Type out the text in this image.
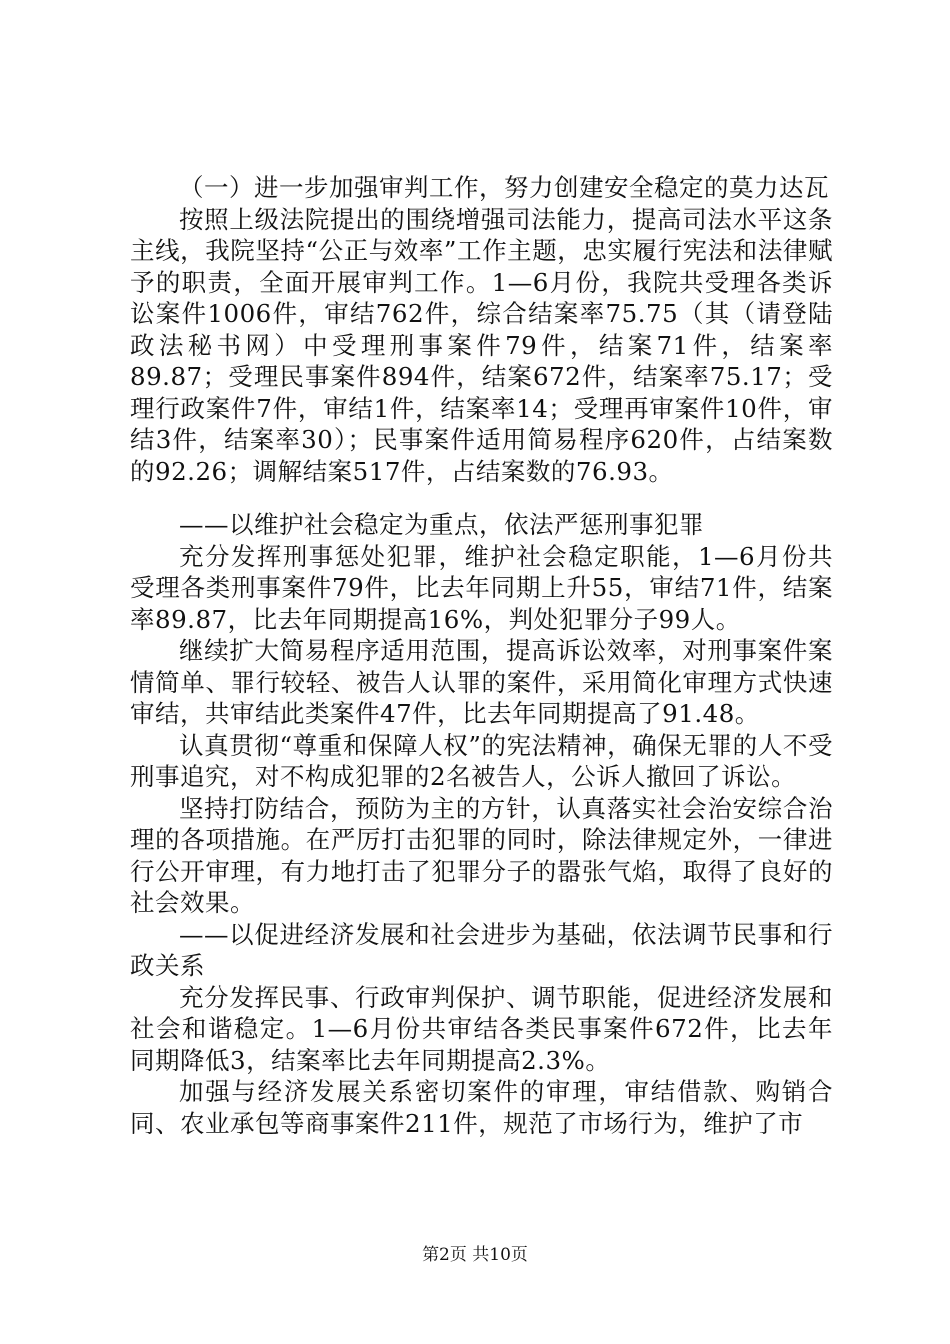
（一）进一步加强审判工作，努力创建安全稳定的莫力达瓦

按照上级法院提出的围绕增强司法能力，提高司法水平这条主线，我院坚持“公正与效率”工作主题，忠实履行宪法和法律赋予的职责，全面开展审判工作。1—6月份，我院共受理各类诉讼案件1006件，审结762件，综合结案率75.75（其（请登陆政法秘书网）中受理刑事案件79件，结案71件，结案率89.87；受理民事案件894件，结案672件，结案率75.17；受理行政案件7件，审结1件，结案率14；受理再审案件10件，审结3件，结案率30）；民事案件适用简易程序620件，占结案数的92.26；调解结案517件，占结案数的76.93。

——以维护社会稳定为重点，依法严惩刑事犯罪

充分发挥刑事惩处犯罪，维护社会稳定职能，1—6月份共受理各类刑事案件79件，比去年同期上升55，审结71件，结案率89.87，比去年同期提高16%，判处犯罪分子99人。

继续扩大简易程序适用范围，提高诉讼效率，对刑事案件案情简单、罪行较轻、被告人认罪的案件，采用简化审理方式快速审结，共审结此类案件47件，比去年同期提高了91.48。

认真贯彻“尊重和保障人权”的宪法精神，确保无罪的人不受刑事追究，对不构成犯罪的2名被告人，公诉人撤回了诉讼。

坚持打防结合，预防为主的方针，认真落实社会治安综合治理的各项措施。在严厉打击犯罪的同时，除法律规定外，一律进行公开审理，有力地打击了犯罪分子的嚣张气焰，取得了良好的社会效果。

——以促进经济发展和社会进步为基础，依法调节民事和行政关系

充分发挥民事、行政审判保护、调节职能，促进经济发展和社会和谐稳定。1—6月份共审结各类民事案件672件，比去年同期降低3，结案率比去年同期提高2.3%。

加强与经济发展关系密切案件的审理，审结借款、购销合同、农业承包等商事案件211件，规范了市场行为，维护了市

第2页 共10页
